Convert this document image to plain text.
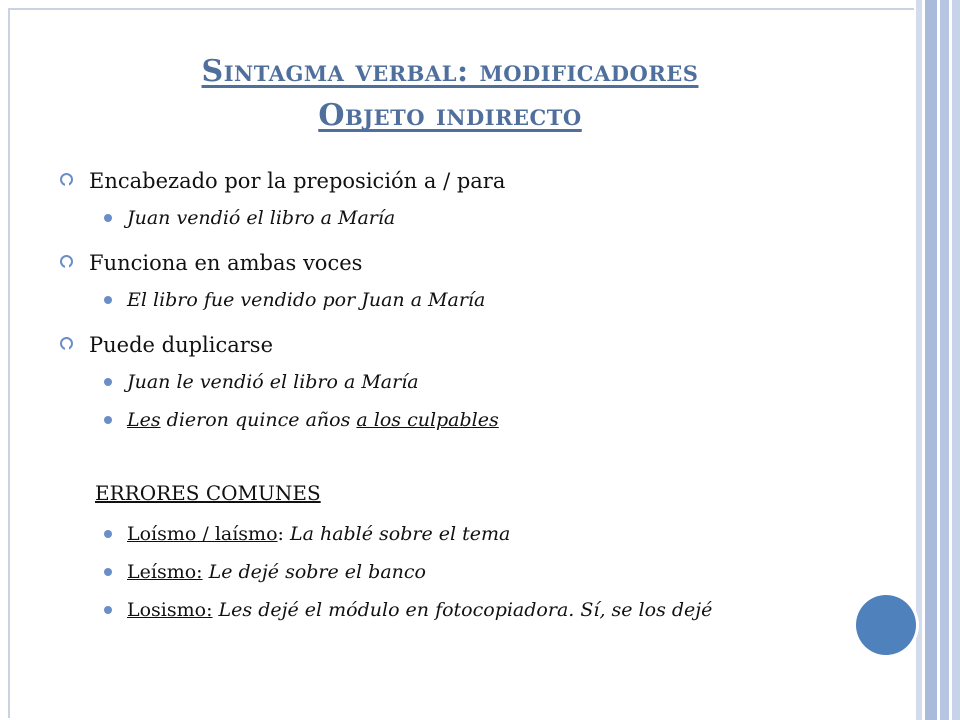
Sintagma verbal: modificadores
Objeto indirecto
Encabezado por la preposición a / para
Juan vendió el libro a María
Funciona en ambas voces
El libro fue vendido por Juan a María
Puede duplicarse
Juan le vendió el libro a María
Les dieron quince años a los culpables
ERRORES COMUNES
Loísmo / laísmo: La hablé sobre el tema
Leísmo: Le dejé sobre el banco
Losismo: Les dejé el módulo en fotocopiadora. Sí, se los dejé
